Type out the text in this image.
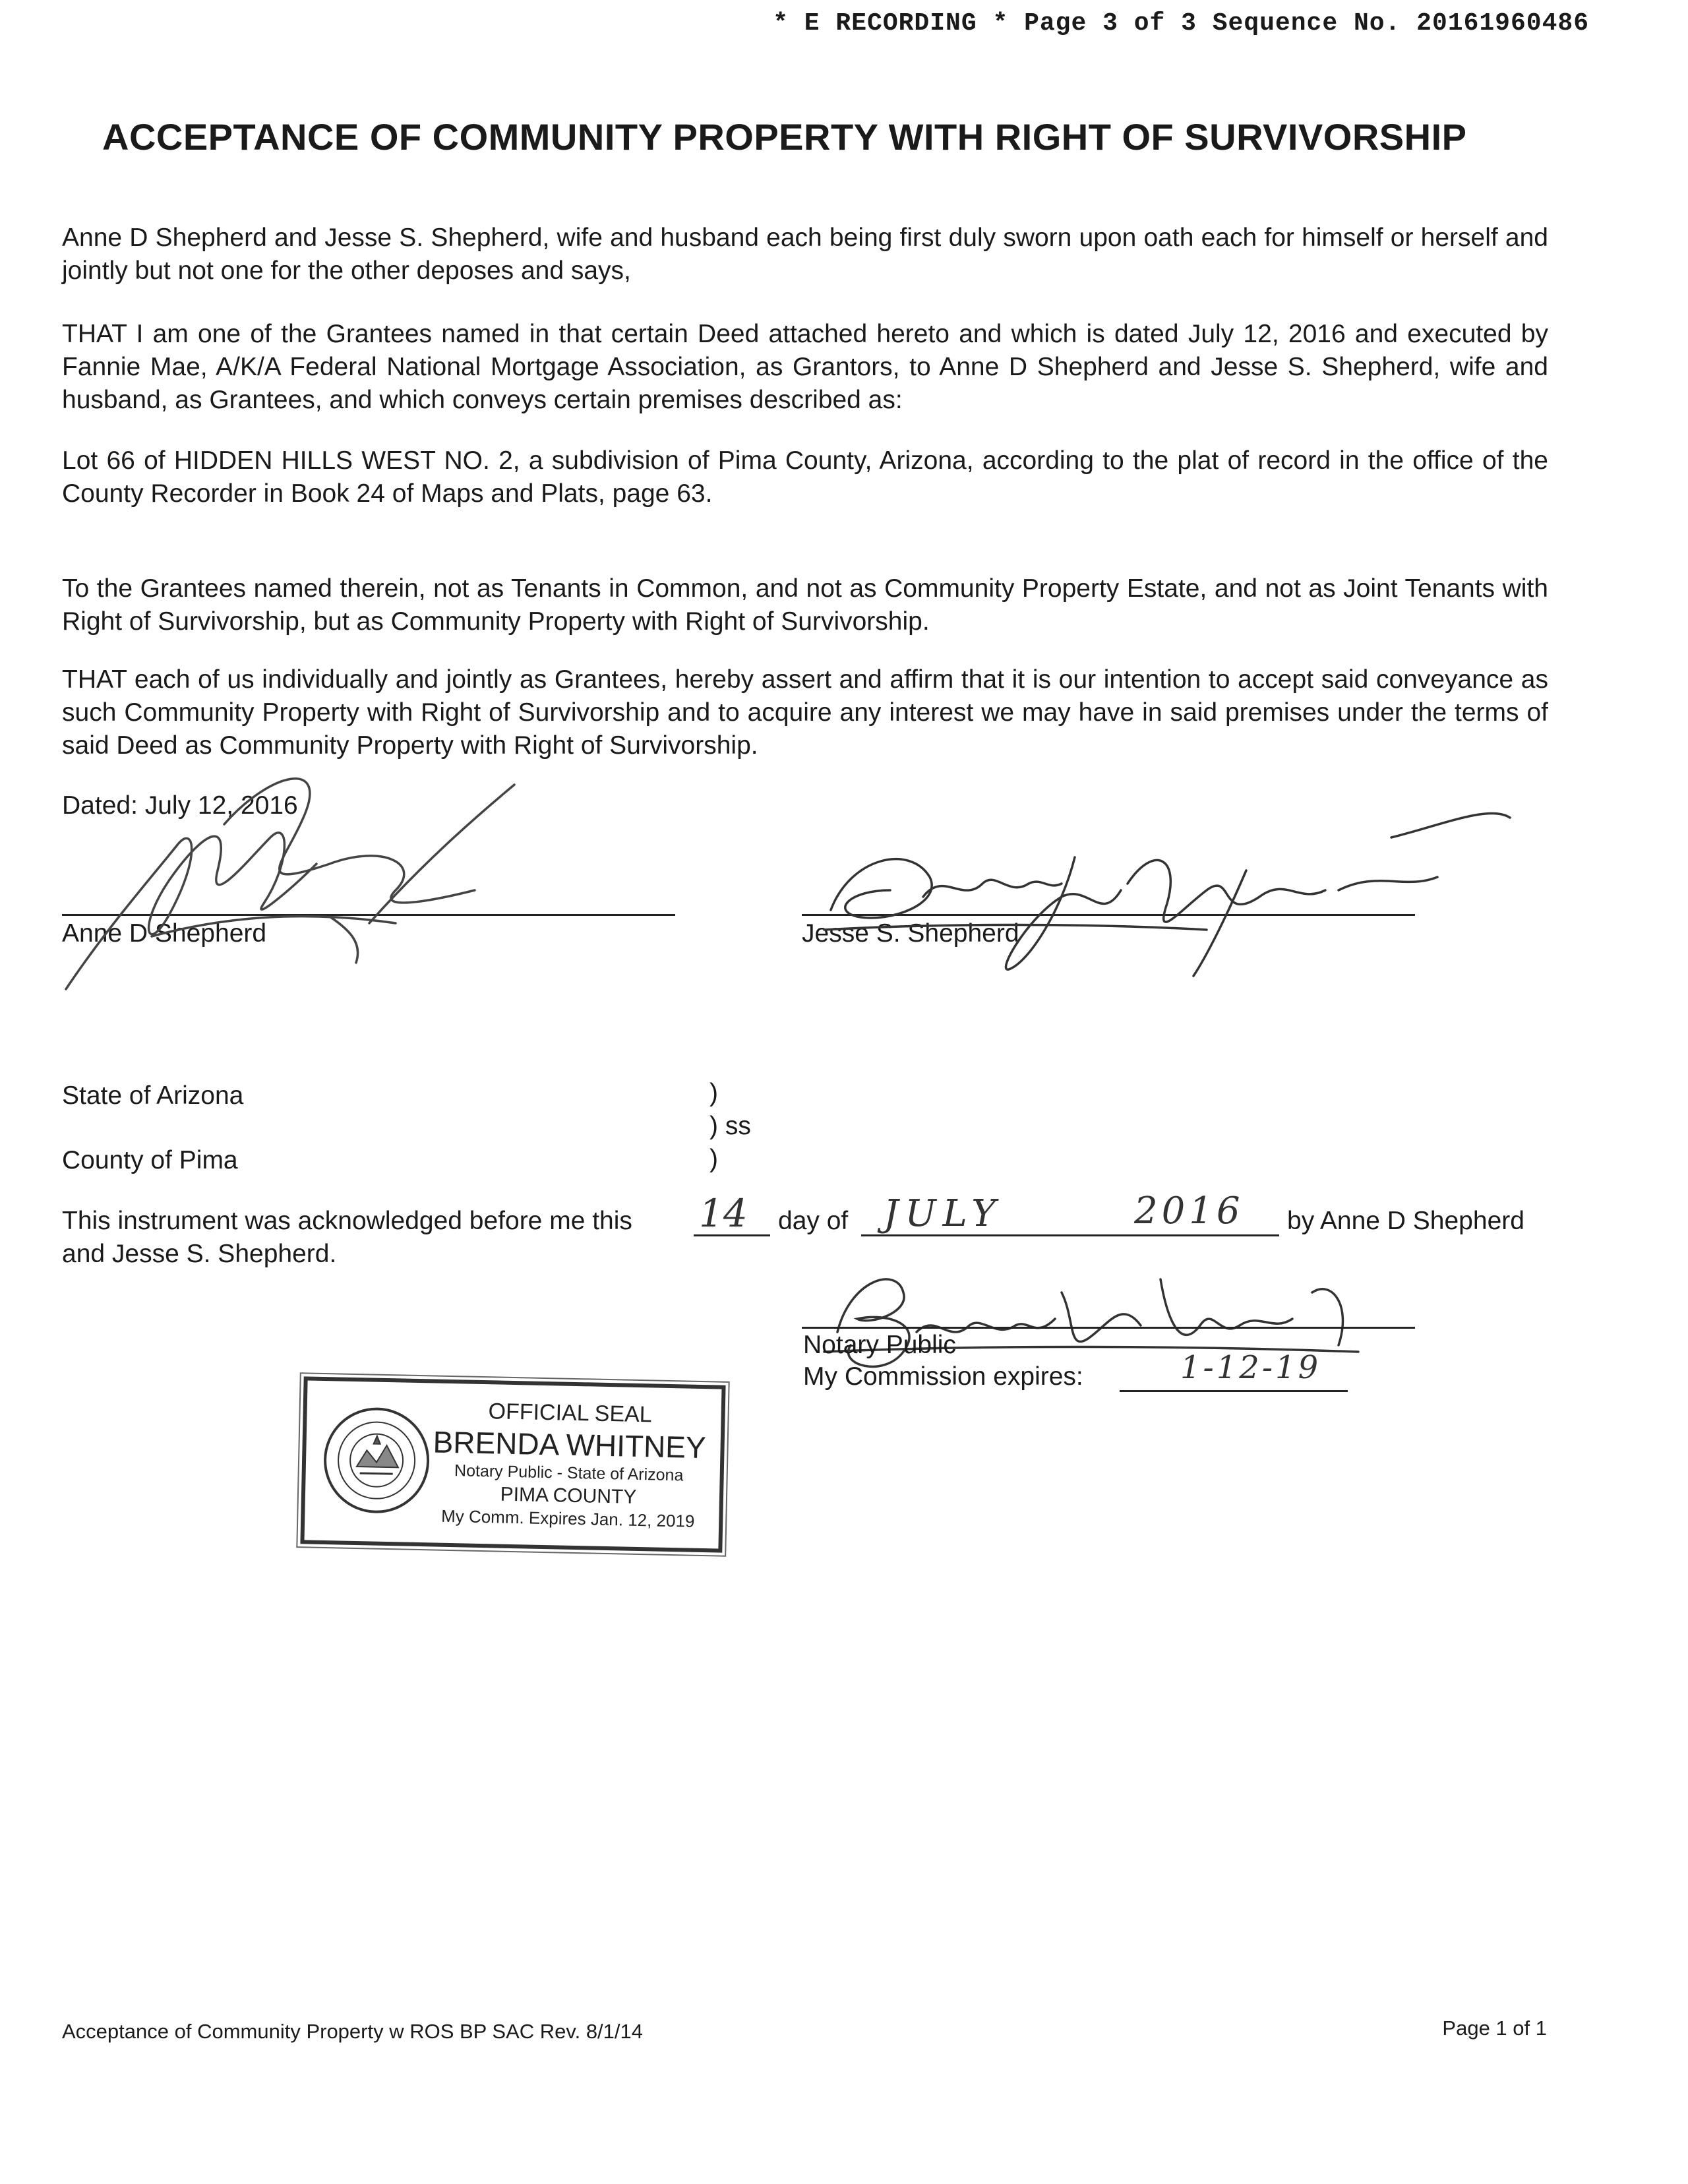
* E RECORDING * Page 3 of 3 Sequence No. 20161960486
ACCEPTANCE OF COMMUNITY PROPERTY WITH RIGHT OF SURVIVORSHIP

Anne D Shepherd and Jesse S. Shepherd, wife and husband each being first duly sworn upon oath each for himself or herself and jointly but not one for the other deposes and says,

THAT I am one of the Grantees named in that certain Deed attached hereto and which is dated July 12, 2016 and executed by Fannie Mae, A/K/A Federal National Mortgage Association, as Grantors, to Anne D Shepherd and Jesse S. Shepherd, wife and husband, as Grantees, and which conveys certain premises described as:

Lot 66 of HIDDEN HILLS WEST NO. 2, a subdivision of Pima County, Arizona, according to the plat of record in the office of the County Recorder in Book 24 of Maps and Plats, page 63.

To the Grantees named therein, not as Tenants in Common, and not as Community Property Estate, and not as Joint Tenants with Right of Survivorship, but as Community Property with Right of Survivorship.

THAT each of us individually and jointly as Grantees, hereby assert and affirm that it is our intention to accept said conveyance as such Community Property with Right of Survivorship and to acquire any interest we may have in said premises under the terms of said Deed as Community Property with Right of Survivorship.

Dated: July 12, 2016
Anne D Shepherd	Jesse S. Shepherd
State of Arizona
County of Pima
)
) ss
)
This instrument was acknowledged before me this 14 day of JULY	2016 by Anne D Shepherd
and Jesse S. Shepherd.
Notary Public
My Commission expires:	1-12-19
OFFICIAL SEAL
BRENDA WHITNEY
Notary Public - State of Arizona
PIMA COUNTY
My Comm. Expires Jan. 12, 2019
Acceptance of Community Property w ROS BP SAC Rev. 8/1/14	Page 1 of 1
